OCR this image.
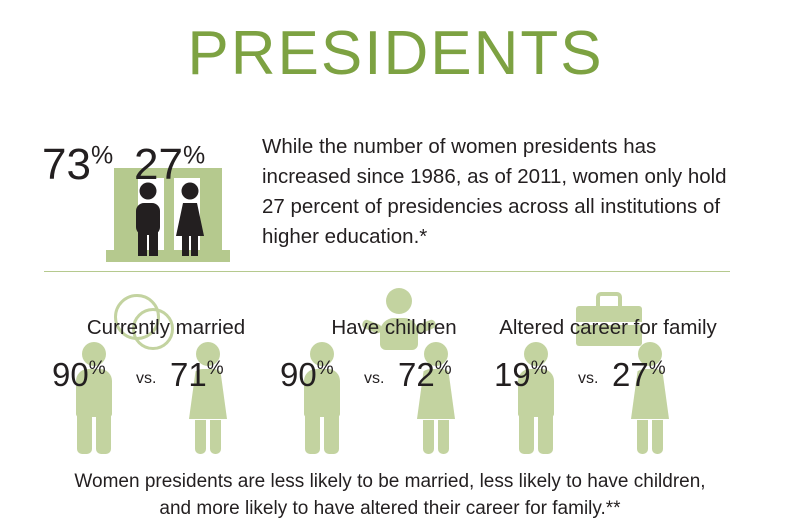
PRESIDENTS
73% 27%	While the number of women presidents has increased since 1986, as of 2011, women only hold 27 percent of presidencies across all institutions of higher education.*
Currently married
90% vs. 71%
Have children
90% vs. 72%
Altered career for family
19% vs. 27%
Women presidents are less likely to be married, less likely to have children, and more likely to have altered their career for family.**
